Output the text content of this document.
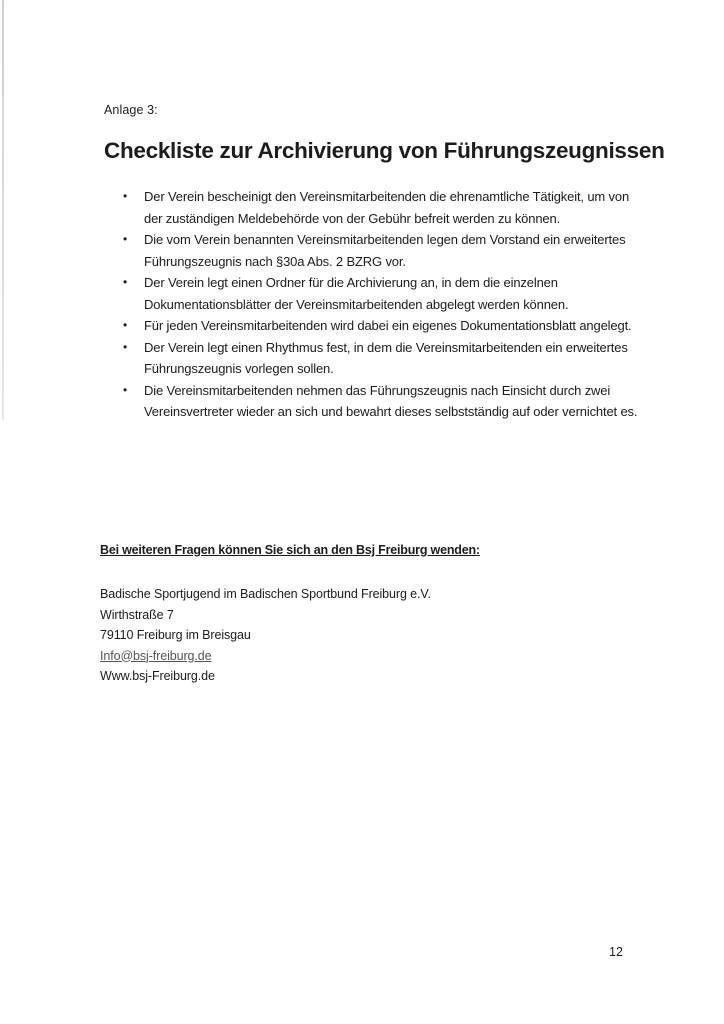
Anlage 3:
Checkliste zur Archivierung von Führungszeugnissen
• Der Verein bescheinigt den Vereinsmitarbeitenden die ehrenamtliche Tätigkeit, um von der zuständigen Meldebehörde von der Gebühr befreit werden zu können.
• Die vom Verein benannten Vereinsmitarbeitenden legen dem Vorstand ein erweitertes Führungszeugnis nach §30a Abs. 2 BZRG vor.
• Der Verein legt einen Ordner für die Archivierung an, in dem die einzelnen Dokumentationsblätter der Vereinsmitarbeitenden abgelegt werden können.
• Für jeden Vereinsmitarbeitenden wird dabei ein eigenes Dokumentationsblatt angelegt.
• Der Verein legt einen Rhythmus fest, in dem die Vereinsmitarbeitenden ein erweitertes Führungszeugnis vorlegen sollen.
• Die Vereinsmitarbeitenden nehmen das Führungszeugnis nach Einsicht durch zwei Vereinsvertreter wieder an sich und bewahrt dieses selbstständig auf oder vernichtet es.
Bei weiteren Fragen können Sie sich an den Bsj Freiburg wenden:
Badische Sportjugend im Badischen Sportbund Freiburg e.V.
Wirthstraße 7
79110 Freiburg im Breisgau
Info@bsj-freiburg.de
Www.bsj-Freiburg.de
12
